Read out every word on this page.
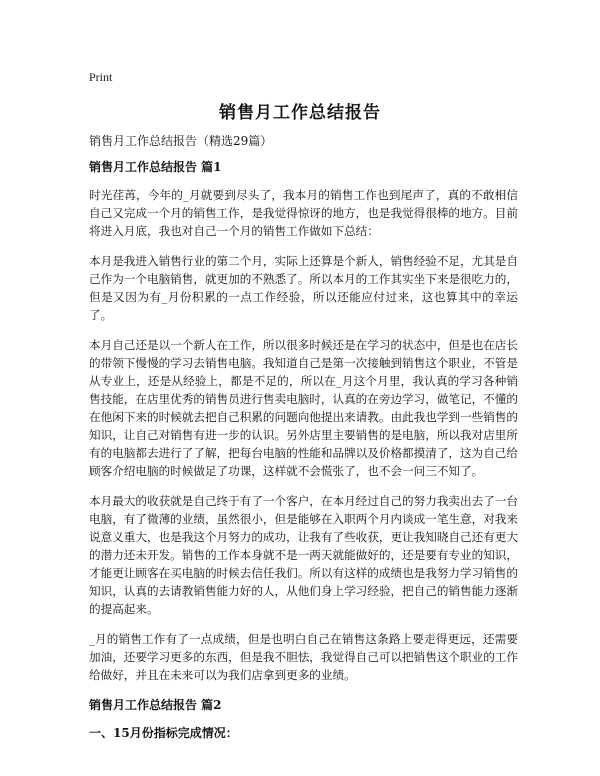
Print
销售月工作总结报告
销售月工作总结报告（精选29篇）
销售月工作总结报告 篇1

时光荏苒，今年的_月就要到尽头了，我本月的销售工作也到尾声了，真的不敢相信自己又完成一个月的销售工作，是我觉得惊讶的地方，也是我觉得很棒的地方。目前将进入月底，我也对自己一个月的销售工作做如下总结：

本月是我进入销售行业的第二个月，实际上还算是个新人，销售经验不足，尤其是自己作为一个电脑销售，就更加的不熟悉了。所以本月的工作其实坐下来是很吃力的，但是又因为有_月份积累的一点工作经验，所以还能应付过来，这也算其中的幸运了。

本月自己还是以一个新人在工作，所以很多时候还是在学习的状态中，但是也在店长的带领下慢慢的学习去销售电脑。我知道自己是第一次接触到销售这个职业，不管是从专业上，还是从经验上，都是不足的，所以在_月这个月里，我认真的学习各种销售技能，在店里优秀的销售员进行售卖电脑时，认真的在旁边学习，做笔记，不懂的在他闲下来的时候就去把自己积累的问题向他提出来请教。由此我也学到一些销售的知识，让自己对销售有进一步的认识。另外店里主要销售的是电脑，所以我对店里所有的电脑都去进行了了解，把每台电脑的性能和品牌以及价格都摸清了，这为自己给顾客介绍电脑的时候做足了功课，这样就不会慌张了，也不会一问三不知了。

本月最大的收获就是自己终于有了一个客户，在本月经过自己的努力我卖出去了一台电脑，有了微薄的业绩，虽然很小，但是能够在入职两个月内谈成一笔生意，对我来说意义重大，也是我这个月努力的成功，让我有了些收获，更让我知晓自己还有更大的潜力还未开发。销售的工作本身就不是一两天就能做好的，还是要有专业的知识，才能更让顾客在买电脑的时候去信任我们。所以有这样的成绩也是我努力学习销售的知识，认真的去请教销售能力好的人，从他们身上学习经验，把自己的销售能力逐渐的提高起来。

_月的销售工作有了一点成绩，但是也明白自己在销售这条路上要走得更远，还需要加油，还要学习更多的东西，但是我不胆怯，我觉得自己可以把销售这个职业的工作给做好，并且在未来可以为我们店拿到更多的业绩。

销售月工作总结报告 篇2
一、15月份指标完成情况：
